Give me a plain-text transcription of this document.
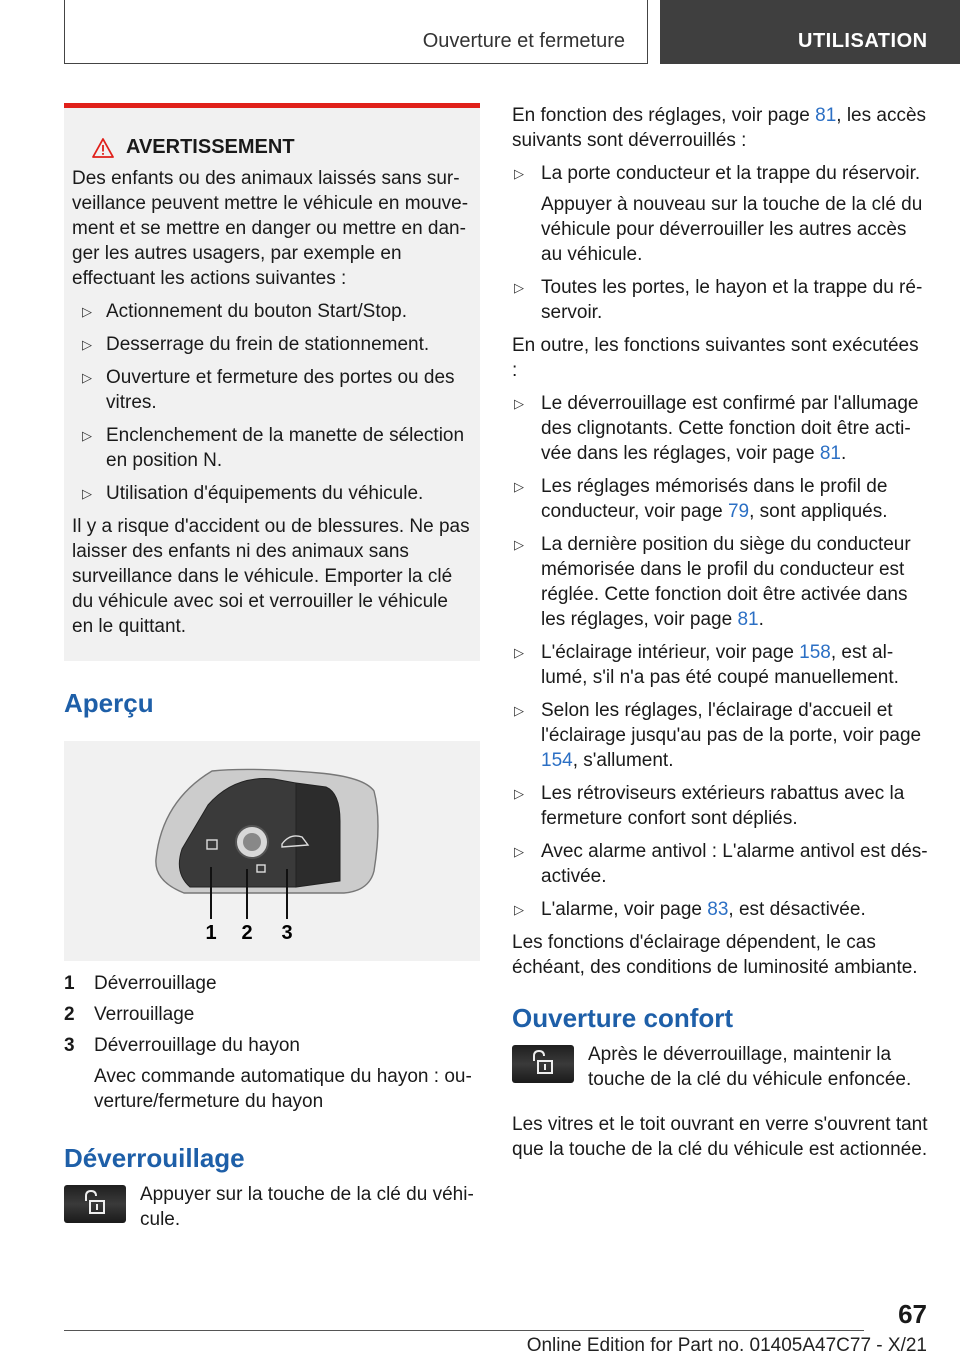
Ouverture et fermeture	UTILISATION
AVERTISSEMENT

Des enfants ou des animaux laissés sans surveillance peuvent mettre le véhicule en mouvement et se mettre en danger ou mettre en danger les autres usagers, par exemple en effectuant les actions suivantes :

▷ Actionnement du bouton Start/Stop.
▷ Desserrage du frein de stationnement.
▷ Ouverture et fermeture des portes ou des vitres.
▷ Enclenchement de la manette de sélection en position N.
▷ Utilisation d'équipements du véhicule.

Il y a risque d'accident ou de blessures. Ne pas laisser des enfants ni des animaux sans surveillance dans le véhicule. Emporter la clé du véhicule avec soi et verrouiller le véhicule en le quittant.

Aperçu
1 2 3
1	Déverrouillage
2	Verrouillage
3	Déverrouillage du hayon

Avec commande automatique du hayon : ouverture/fermeture du hayon

Déverrouillage

Appuyer sur la touche de la clé du véhicule.

En fonction des réglages, voir page 81, les accès suivants sont déverrouillés :

▷ La porte conducteur et la trappe du réservoir.

Appuyer à nouveau sur la touche de la clé du véhicule pour déverrouiller les autres accès au véhicule.

▷ Toutes les portes, le hayon et la trappe du réservoir.

En outre, les fonctions suivantes sont exécutées :

▷ Le déverrouillage est confirmé par l'allumage des clignotants. Cette fonction doit être activée dans les réglages, voir page 81.
▷ Les réglages mémorisés dans le profil de conducteur, voir page 79, sont appliqués.
▷ La dernière position du siège du conducteur mémorisée dans le profil du conducteur est réglée. Cette fonction doit être activée dans les réglages, voir page 81.
▷ L'éclairage intérieur, voir page 158, est allumé, s'il n'a pas été coupé manuellement.
▷ Selon les réglages, l'éclairage d'accueil et l'éclairage jusqu'au pas de la porte, voir page 154, s'allument.
▷ Les rétroviseurs extérieurs rabattus avec la fermeture confort sont dépliés.
▷ Avec alarme antivol : L'alarme antivol est désactivée.
▷ L'alarme, voir page 83, est désactivée.

Les fonctions d'éclairage dépendent, le cas échéant, des conditions de luminosité ambiante.

Ouverture confort

Après le déverrouillage, maintenir la touche de la clé du véhicule enfoncée.

Les vitres et le toit ouvrant en verre s'ouvrent tant que la touche de la clé du véhicule est actionnée.

67
Online Edition for Part no. 01405A47C77 - X/21
